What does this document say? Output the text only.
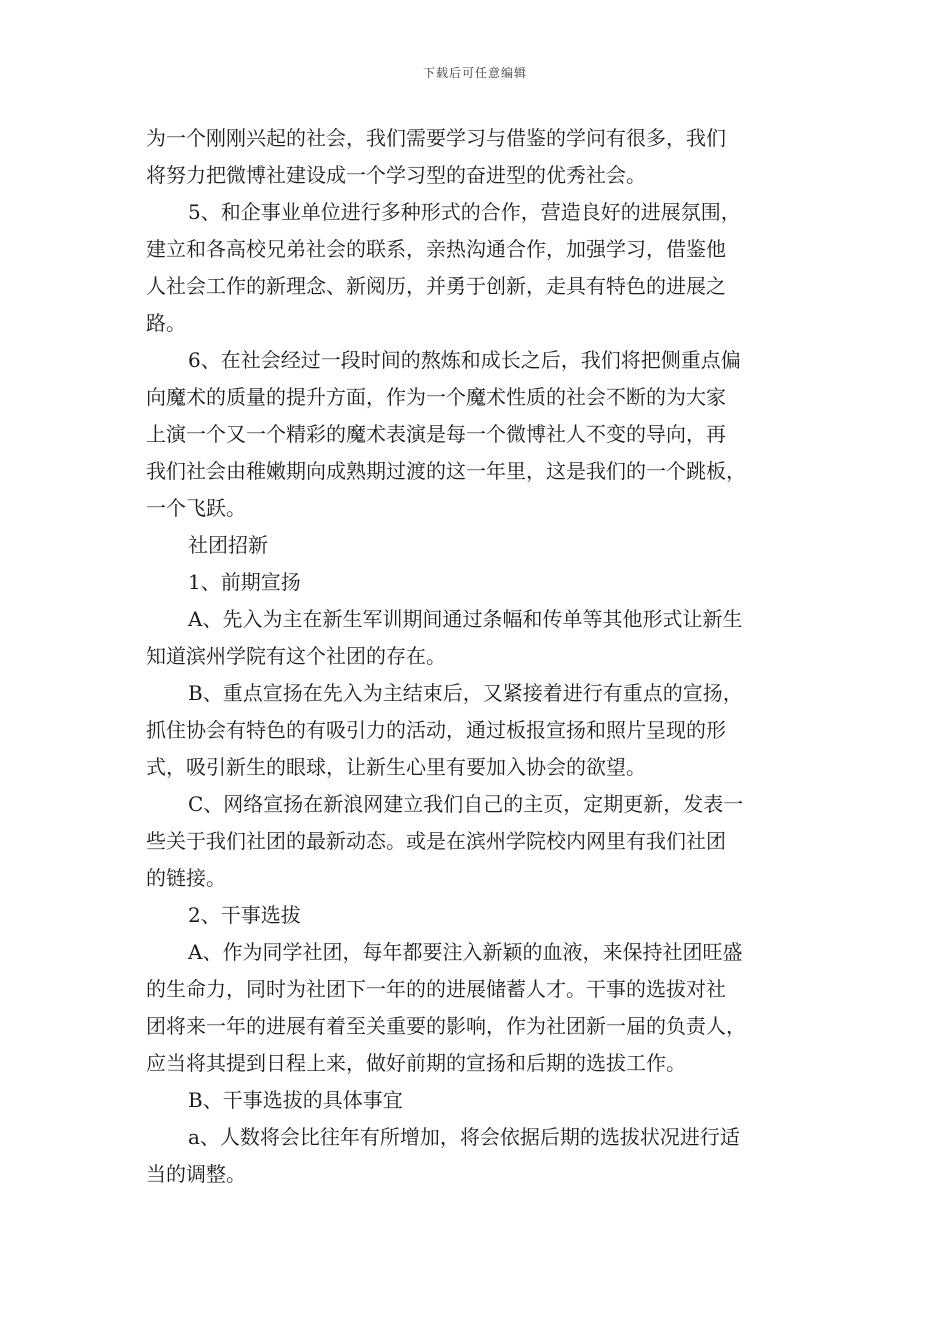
下载后可任意编辑
为一个刚刚兴起的社会，我们需要学习与借鉴的学问有很多，我们
将努力把微博社建设成一个学习型的奋进型的优秀社会。
5、和企事业单位进行多种形式的合作，营造良好的进展氛围，
建立和各高校兄弟社会的联系，亲热沟通合作，加强学习，借鉴他
人社会工作的新理念、新阅历，并勇于创新，走具有特色的进展之
路。
6、在社会经过一段时间的熬炼和成长之后，我们将把侧重点偏
向魔术的质量的提升方面，作为一个魔术性质的社会不断的为大家
上演一个又一个精彩的魔术表演是每一个微博社人不变的导向，再
我们社会由稚嫩期向成熟期过渡的这一年里，这是我们的一个跳板，
一个飞跃。
社团招新
1、前期宣扬
A、先入为主在新生军训期间通过条幅和传单等其他形式让新生
知道滨州学院有这个社团的存在。
B、重点宣扬在先入为主结束后，又紧接着进行有重点的宣扬，
抓住协会有特色的有吸引力的活动，通过板报宣扬和照片呈现的形
式，吸引新生的眼球，让新生心里有要加入协会的欲望。
C、网络宣扬在新浪网建立我们自己的主页，定期更新，发表一
些关于我们社团的最新动态。或是在滨州学院校内网里有我们社团
的链接。
2、干事选拔
A、作为同学社团，每年都要注入新颖的血液，来保持社团旺盛
的生命力，同时为社团下一年的的进展储蓄人才。干事的选拔对社
团将来一年的进展有着至关重要的影响，作为社团新一届的负责人，
应当将其提到日程上来，做好前期的宣扬和后期的选拔工作。
B、干事选拔的具体事宜
a、人数将会比往年有所增加，将会依据后期的选拔状况进行适
当的调整。
